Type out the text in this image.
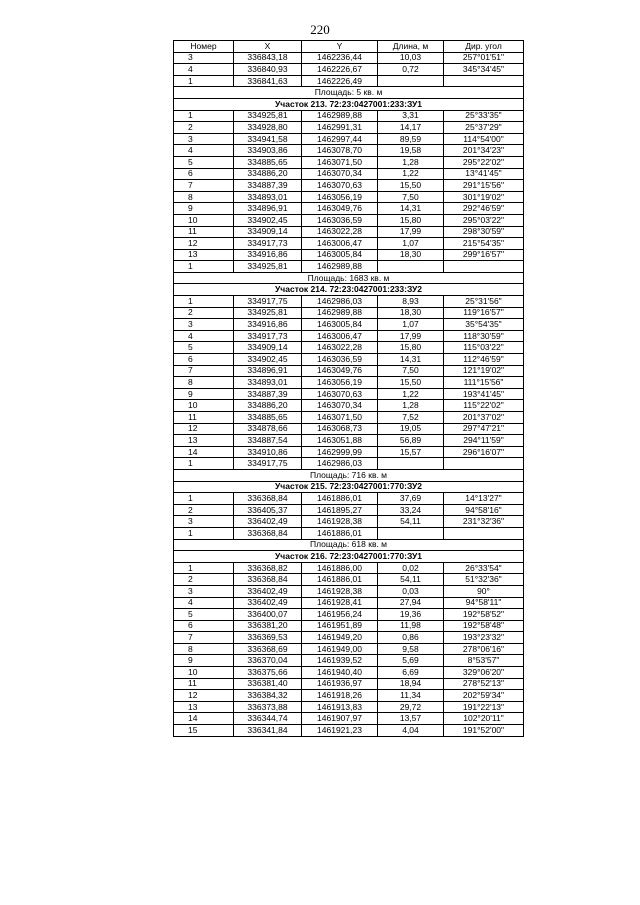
220
Номер	X	Y	Длина, м	Дир. угол
3	336843,18	1462236,44	10,03	257°01'51"
4	336840,93	1462226,67	0,72	345°34'45"
1	336841,63	1462226,49		
Площадь: 5 кв. м				
Участок 213. 72:23:0427001:233:ЗУ1				
1	334925,81	1462989,88	3,31	25°33'35"
2	334928,80	1462991,31	14,17	25°37'29"
3	334941,58	1462997,44	89,59	114°54'00"
4	334903,86	1463078,70	19,58	201°34'23"
5	334885,65	1463071,50	1,28	295°22'02"
6	334886,20	1463070,34	1,22	13°41'45"
7	334887,39	1463070,63	15,50	291°15'56"
8	334893,01	1463056,19	7,50	301°19'02"
9	334896,91	1463049,76	14,31	292°46'59"
10	334902,45	1463036,59	15,80	295°03'22"
11	334909,14	1463022,28	17,99	298°30'59"
12	334917,73	1463006,47	1,07	215°54'35"
13	334916,86	1463005,84	18,30	299°16'57"
1	334925,81	1462989,88		
Площадь: 1683 кв. м				
Участок 214. 72:23:0427001:233:ЗУ2				
1	334917,75	1462986,03	8,93	25°31'56"
2	334925,81	1462989,88	18,30	119°16'57"
3	334916,86	1463005,84	1,07	35°54'35"
4	334917,73	1463006,47	17,99	118°30'59"
5	334909,14	1463022,28	15,80	115°03'22"
6	334902,45	1463036,59	14,31	112°46'59"
7	334896,91	1463049,76	7,50	121°19'02"
8	334893,01	1463056,19	15,50	111°15'56"
9	334887,39	1463070,63	1,22	193°41'45"
10	334886,20	1463070,34	1,28	115°22'02"
11	334885,65	1463071,50	7,52	201°37'02"
12	334878,66	1463068,73	19,05	297°47'21"
13	334887,54	1463051,88	56,89	294°11'59"
14	334910,86	1462999,99	15,57	296°16'07"
1	334917,75	1462986,03		
Площадь: 716 кв. м				
Участок 215. 72:23:0427001:770:ЗУ2				
1	336368,84	1461886,01	37,69	14°13'27"
2	336405,37	1461895,27	33,24	94°58'16"
3	336402,49	1461928,38	54,11	231°32'36"
1	336368,84	1461886,01		
Площадь: 618 кв. м				
Участок 216. 72:23:0427001:770:ЗУ1				
1	336368,82	1461886,00	0,02	26°33'54"
2	336368,84	1461886,01	54,11	51°32'36"
3	336402,49	1461928,38	0,03	90°
4	336402,49	1461928,41	27,94	94°58'11"
5	336400,07	1461956,24	19,36	192°58'52"
6	336381,20	1461951,89	11,98	192°58'48"
7	336369,53	1461949,20	0,86	193°23'32"
8	336368,69	1461949,00	9,58	278°06'16"
9	336370,04	1461939,52	5,69	8°53'57"
10	336375,66	1461940,40	6,69	329°06'20"
11	336381,40	1461936,97	18,94	278°52'13"
12	336384,32	1461918,26	11,34	202°59'34"
13	336373,88	1461913,83	29,72	191°22'13"
14	336344,74	1461907,97	13,57	102°20'11"
15	336341,84	1461921,23	4,04	191°52'00"
